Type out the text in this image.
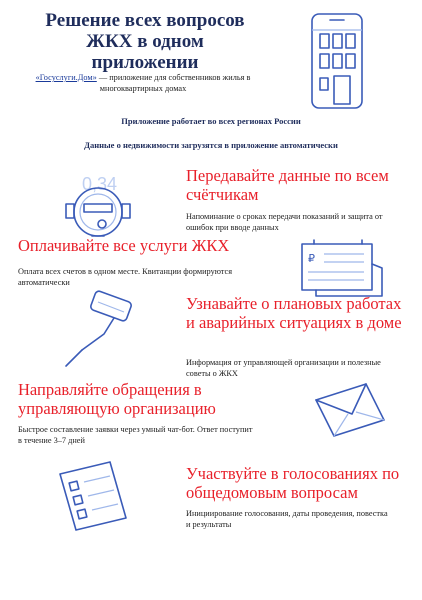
Решение всех вопросов ЖКХ в одном приложении
«Госуслуги.Дом» — приложение для собственников жилья в многоквартирных домах
Приложение работает во всех регионах России
Данные о недвижимости загрузятся в приложение автоматически
0,34	Передавайте данные по всем счётчикам
Напоминание о сроках передачи показаний и защита от ошибок при вводе данных
Оплачивайте все услуги ЖКХ
Оплата всех счетов в одном месте. Квитанции формируются автоматически
₽
Узнавайте о плановых работах и аварийных ситуациях в доме
Информация от управляющей организации и полезные советы о ЖКХ
Направляйте обращения в управляющую организацию
Быстрое составление заявки через умный чат-бот. Ответ поступит в течение 3–7 дней
Участвуйте в голосованиях по общедомовым вопросам
Инициирование голосования, даты проведения, повестка и результаты
